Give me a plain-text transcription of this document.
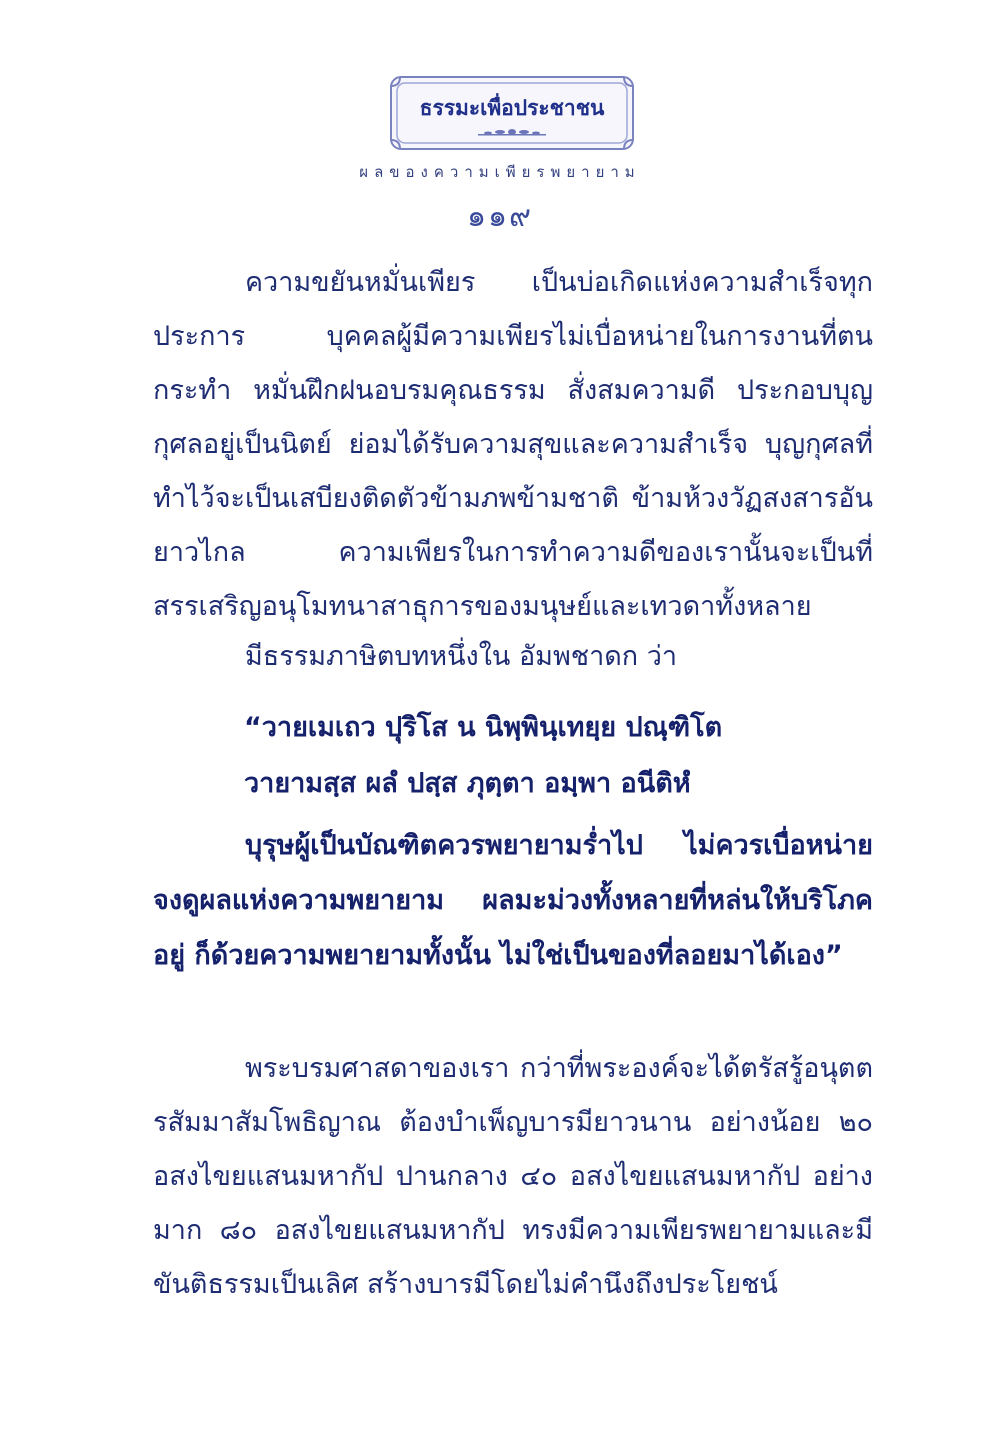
ธรรมะเพื่อประชาชน
ผลของความเพียรพยายาม
๑๑๙
ความขยันหมั่นเพียร เป็นบ่อเกิดแห่งความสำเร็จทุกประการ บุคคลผู้มีความเพียรไม่เบื่อหน่ายในการงานที่ตนกระทำ หมั่นฝึกฝนอบรมคุณธรรม สั่งสมความดี ประกอบบุญกุศลอยู่เป็นนิตย์ ย่อมได้รับความสุขและความสำเร็จ บุญกุศลที่ทำไว้จะเป็นเสบียงติดตัวข้ามภพข้ามชาติ ข้ามห้วงวัฏสงสารอันยาวไกล ความเพียรในการทำความดีของเรานั้นจะเป็นที่สรรเสริญอนุโมทนาสาธุการของมนุษย์และเทวดาทั้งหลาย
มีธรรมภาษิตบทหนึ่งใน อัมพชาดก ว่า
“วายเมเถว ปุริโส น นิพฺพินฺเทยฺย ปณฺฑิโต
วายามสฺส ผลํ ปสฺส ภุตฺตา อมฺพา อนีติหํ
บุรุษผู้เป็นบัณฑิตควรพยายามร่ำไป ไม่ควรเบื่อหน่าย จงดูผลแห่งความพยายาม ผลมะม่วงทั้งหลายที่หล่นให้บริโภคอยู่ ก็ด้วยความพยายามทั้งนั้น ไม่ใช่เป็นของที่ลอยมาได้เอง”
พระบรมศาสดาของเรา กว่าที่พระองค์จะได้ตรัสรู้อนุตตรสัมมาสัมโพธิญาณ ต้องบำเพ็ญบารมียาวนาน อย่างน้อย ๒๐ อสงไขยแสนมหากัป ปานกลาง ๔๐ อสงไขยแสนมหากัป อย่างมาก ๘๐ อสงไขยแสนมหากัป ทรงมีความเพียรพยายามและมีขันติธรรมเป็นเลิศ สร้างบารมีโดยไม่คำนึงถึงประโยชน์
